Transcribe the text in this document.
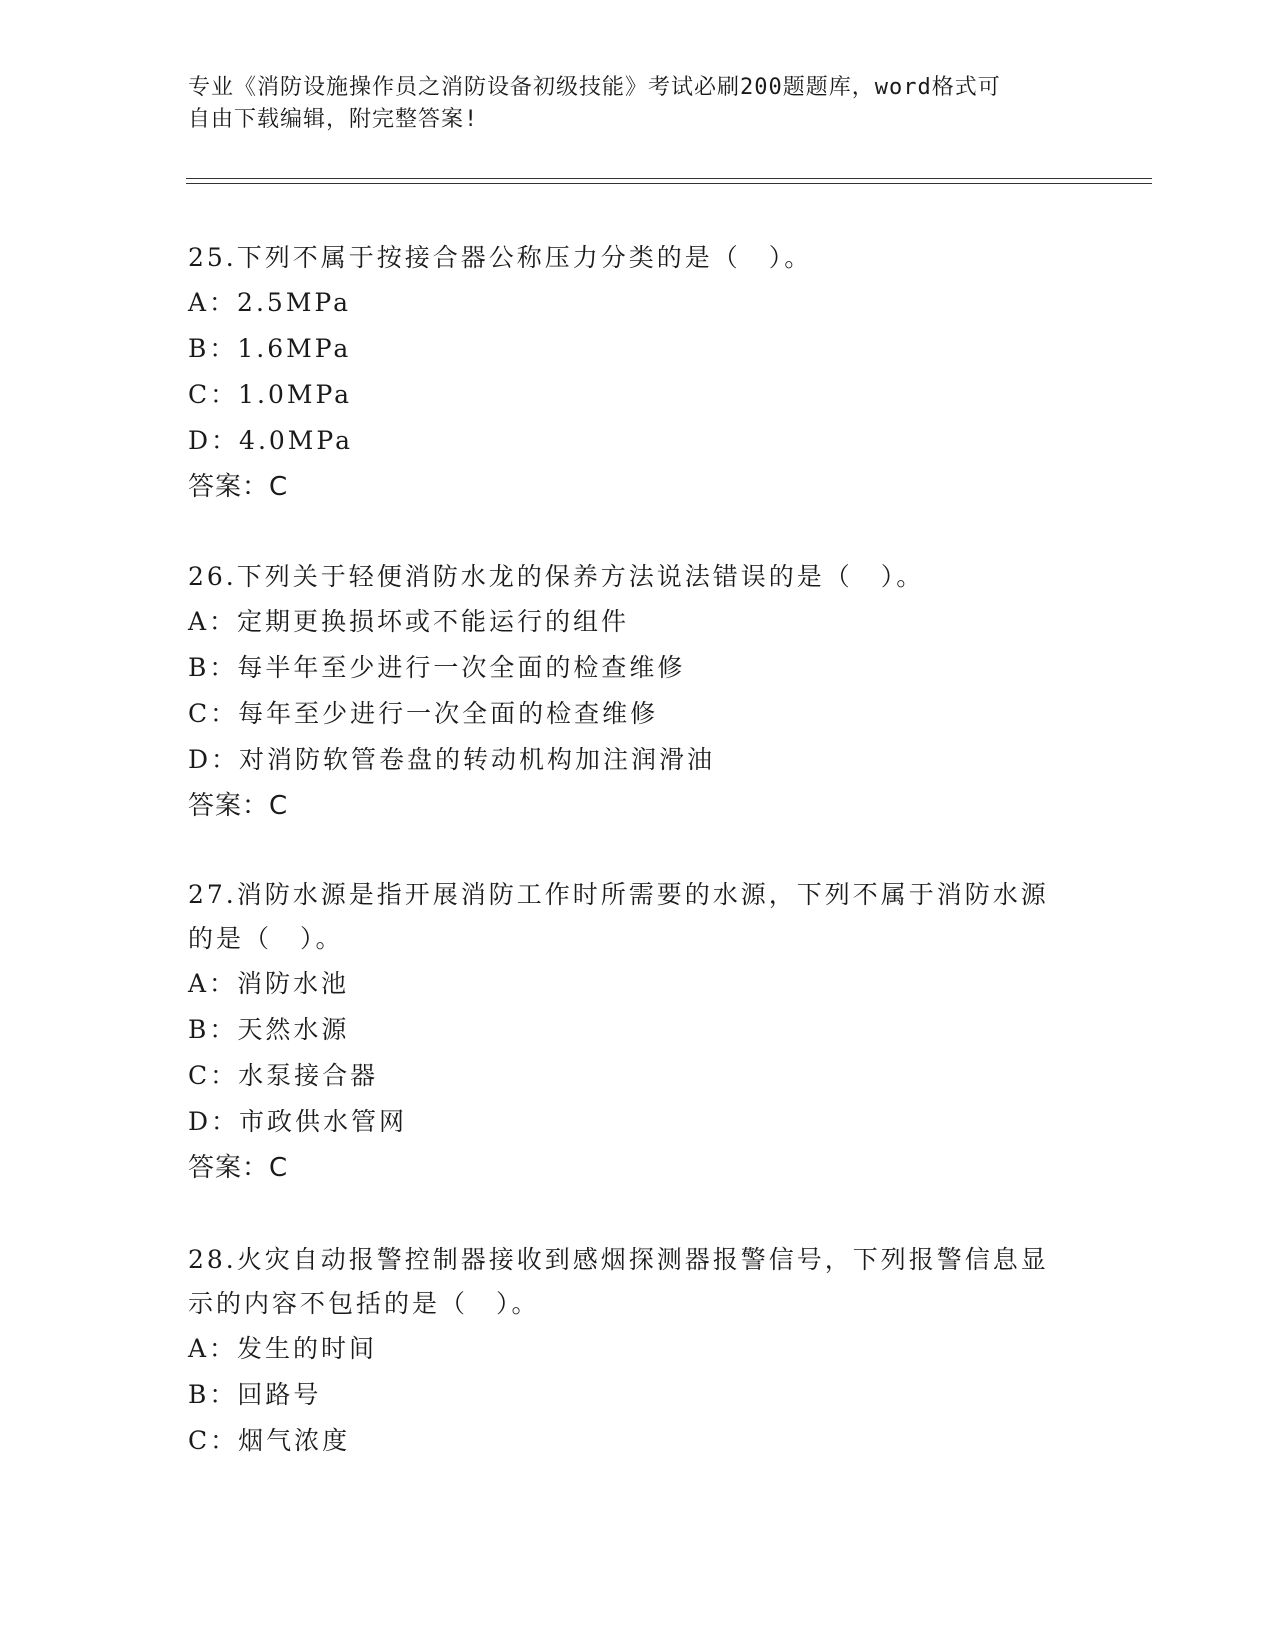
专业《消防设施操作员之消防设备初级技能》考试必刷200题题库，word格式可
自由下载编辑，附完整答案!
25.下列不属于按接合器公称压力分类的是（　）。
A：2.5MPa
B：1.6MPa
C：1.0MPa
D：4.0MPa
答案：C
26.下列关于轻便消防水龙的保养方法说法错误的是（　）。
A：定期更换损坏或不能运行的组件
B：每半年至少进行一次全面的检查维修
C：每年至少进行一次全面的检查维修
D：对消防软管卷盘的转动机构加注润滑油
答案：C
27.消防水源是指开展消防工作时所需要的水源，下列不属于消防水源
的是（　）。
A：消防水池
B：天然水源
C：水泵接合器
D：市政供水管网
答案：C
28.火灾自动报警控制器接收到感烟探测器报警信号，下列报警信息显
示的内容不包括的是（　）。
A：发生的时间
B：回路号
C：烟气浓度
